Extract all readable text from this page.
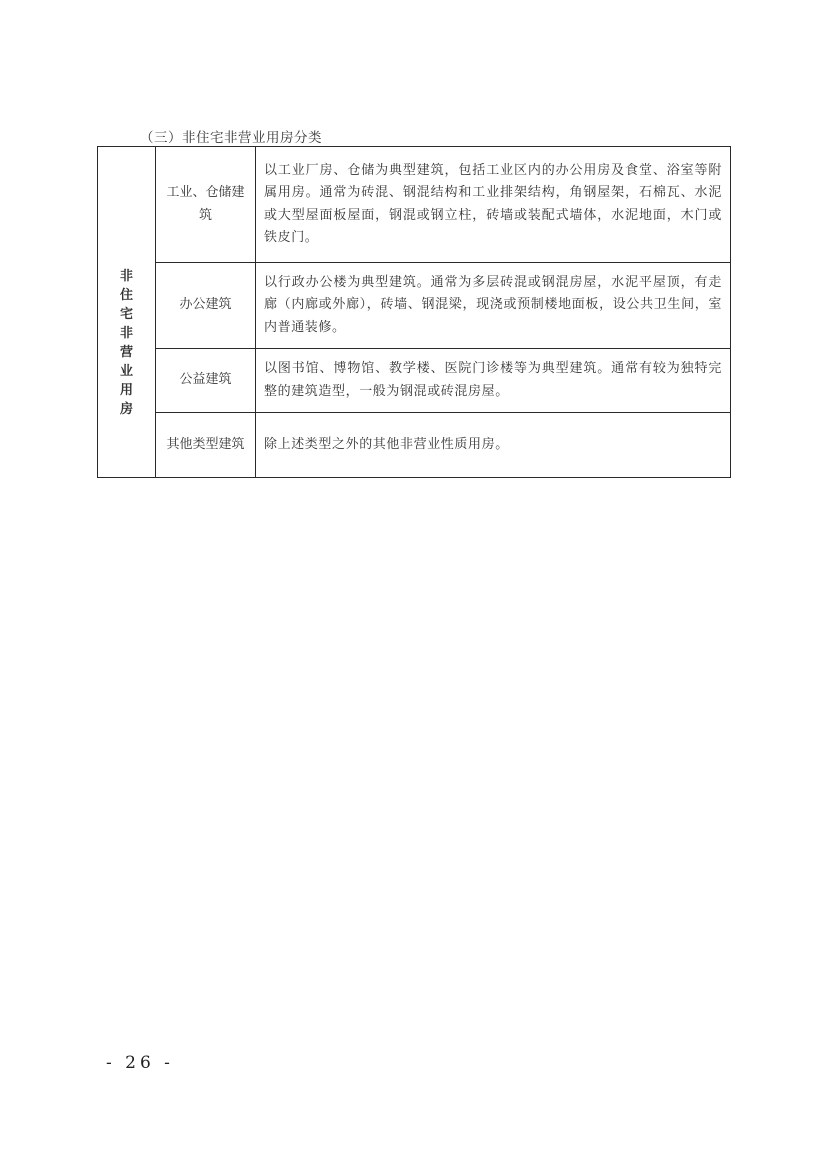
（三）非住宅非营业用房分类
非住宅非营业用房	工业、仓储建筑	以工业厂房、仓储为典型建筑，包括工业区内的办公用房及食堂、浴室等附属用房。通常为砖混、钢混结构和工业排架结构，角钢屋架，石棉瓦、水泥或大型屋面板屋面，钢混或钢立柱，砖墙或装配式墙体，水泥地面，木门或铁皮门。
	办公建筑	以行政办公楼为典型建筑。通常为多层砖混或钢混房屋，水泥平屋顶，有走廊（内廊或外廊），砖墙、钢混梁，现浇或预制楼地面板，设公共卫生间，室内普通装修。
	公益建筑	以图书馆、博物馆、教学楼、医院门诊楼等为典型建筑。通常有较为独特完整的建筑造型，一般为钢混或砖混房屋。
	其他类型建筑	除上述类型之外的其他非营业性质用房。
- 26 -
